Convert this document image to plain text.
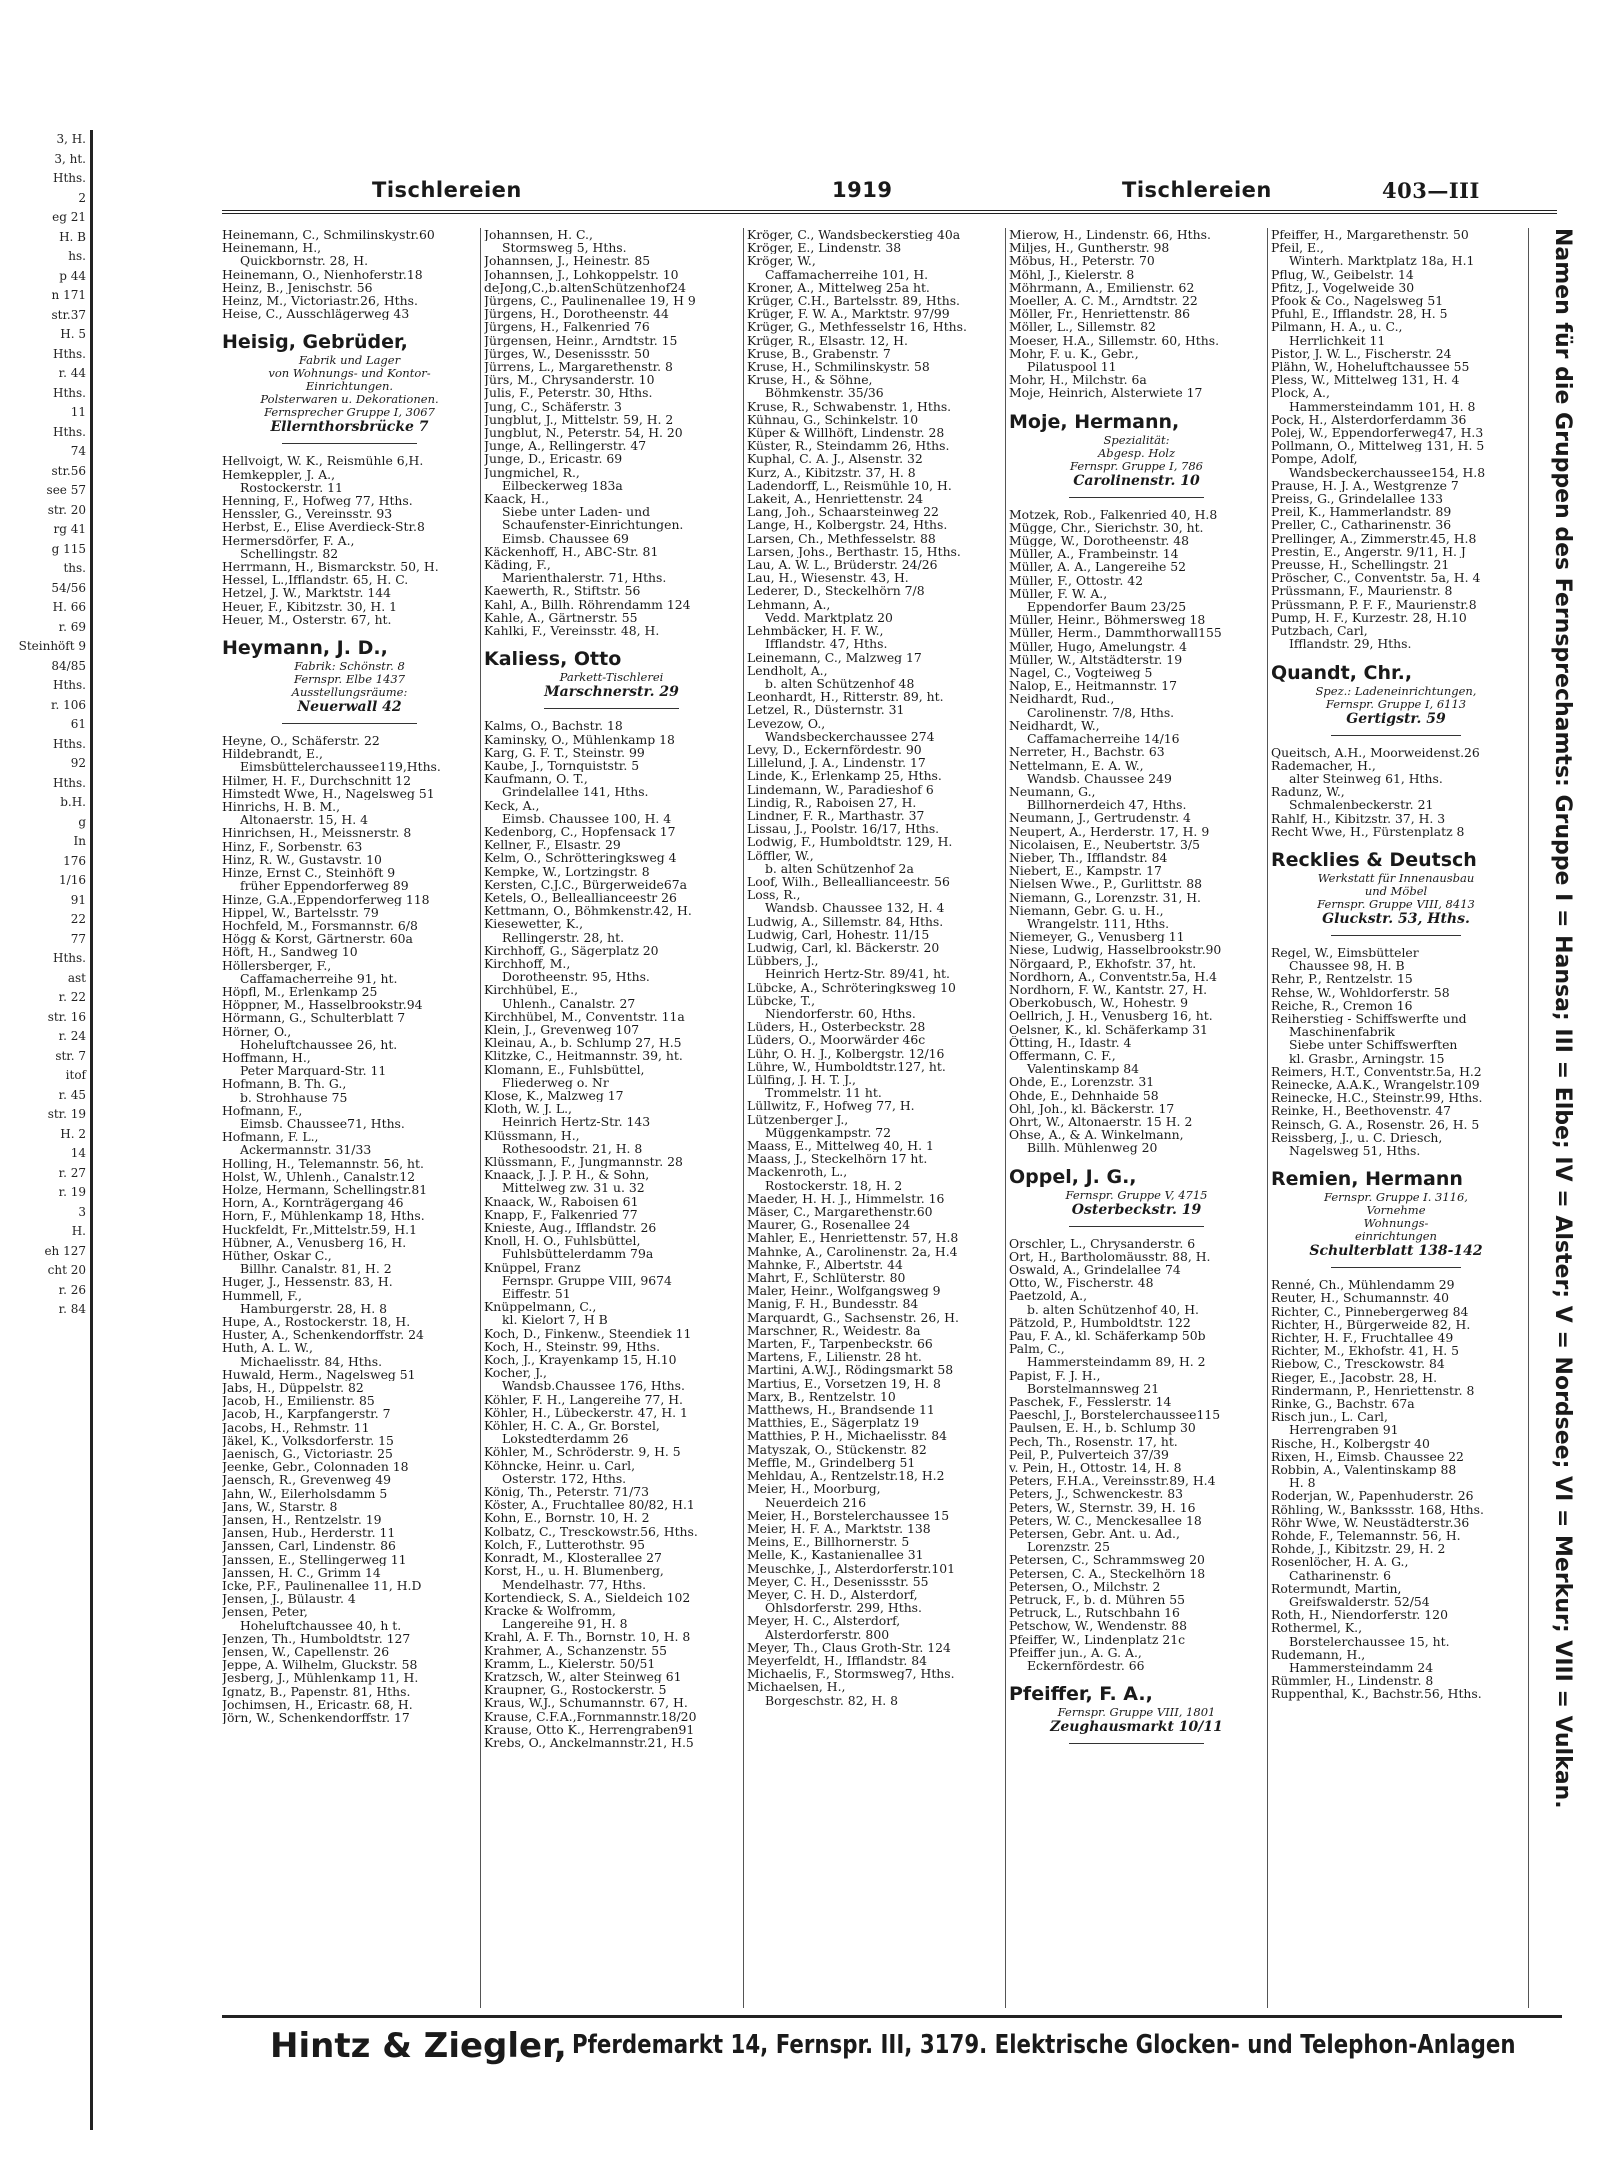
3, H.
3, ht.
Hths.
2
eg 21
H. B
hs.
p 44
n 171
str.37
H. 5
Hths.
r. 44
Hths.
11
Hths.
74
str.56
see 57
str. 20
rg 41
g 115
ths.
54/56
H. 66
r. 69
Steinhöft 9
84/85
Hths.
r. 106
61
Hths.
92
Hths.
b.H.
g
In
176
1/16
91
22
77
Hths.
ast
r. 22
str. 16
r. 24
str. 7
itof
r. 45
str. 19
H. 2
14
r. 27
r. 19
3
H.
eh 127
cht 20
r. 26
r. 84
Tischlereien	1919	Tischlereien	403—III
Heinemann, C., Schmilinskystr.60
Heinemann, H.,
Quickbornstr. 28, H.
Heinemann, O., Nienhoferstr.18
Heinz, B., Jenischstr. 56
Heinz, M., Victoriastr.26, Hths.
Heise, C., Ausschlägerweg 43
Heisig, Gebrüder,
Fabrik und Lager
von Wohnungs- und Kontor-
Einrichtungen.
Polsterwaren u. Dekorationen.
Fernsprecher Gruppe I, 3067
Ellernthorsbrücke 7
Hellvoigt, W. K., Reismühle 6,H.
Hemkeppler, J. A.,
Rostockerstr. 11
Henning, F., Hofweg 77, Hths.
Henssler, G., Vereinsstr. 93
Herbst, E., Elise Averdieck-Str.8
Hermersdörfer, F. A.,
Schellingstr. 82
Herrmann, H., Bismarckstr. 50, H.
Hessel, L.,Ifflandstr. 65, H. C.
Hetzel, J. W., Marktstr. 144
Heuer, F., Kibitzstr. 30, H. 1
Heuer, M., Osterstr. 67, ht.
Heymann, J. D.,
Fabrik: Schönstr. 8
Fernspr. Elbe 1437
Ausstellungsräume:
Neuerwall 42
Heyne, O., Schäferstr. 22
Hildebrandt, E.,
Eimsbüttelerchaussee119,Hths.
Hilmer, H. F., Durchschnitt 12
Himstedt Wwe, H., Nagelsweg 51
Hinrichs, H. B. M.,
Altonaerstr. 15, H. 4
Hinrichsen, H., Meissnerstr. 8
Hinz, F., Sorbenstr. 63
Hinz, R. W., Gustavstr. 10
Hinze, Ernst C., Steinhöft 9
früher Eppendorferweg 89
Hinze, G.A.,Eppendorferweg 118
Hippel, W., Bartelsstr. 79
Hochfeld, M., Forsmannstr. 6/8
Högg & Korst, Gärtnerstr. 60a
Höft, H., Sandweg 10
Höllersberger, F.,
Caffamacherreihe 91, ht.
Höpfl, M., Erlenkamp 25
Höppner, M., Hasselbrookstr.94
Hörmann, G., Schulterblatt 7
Hörner, O.,
Hoheluftchaussee 26, ht.
Hoffmann, H.,
Peter Marquard-Str. 11
Hofmann, B. Th. G.,
b. Strohhause 75
Hofmann, F.,
Eimsb. Chaussee71, Hths.
Hofmann, F. L.,
Ackermannstr. 31/33
Holling, H., Telemannstr. 56, ht.
Holst, W., Uhlenh., Canalstr.12
Holze, Hermann, Schellingstr.81
Horn, A., Kornträgergang 46
Horn, F., Mühlenkamp 18, Hths.
Huckfeldt, Fr.,Mittelstr.59, H.1
Hübner, A., Venusberg 16, H.
Hüther, Oskar C.,
Billhr. Canalstr. 81, H. 2
Huger, J., Hessenstr. 83, H.
Hummell, F.,
Hamburgerstr. 28, H. 8
Hupe, A., Rostockerstr. 18, H.
Huster, A., Schenkendorffstr. 24
Huth, A. L. W.,
Michaelisstr. 84, Hths.
Huwald, Herm., Nagelsweg 51
Jabs, H., Düppelstr. 82
Jacob, H., Emilienstr. 85
Jacob, H., Karpfangerstr. 7
Jacobs, H., Rehmstr. 11
Jäkel, K., Volksdorferstr. 15
Jaenisch, G., Victoriastr. 25
Jeenke, Gebr., Colonnaden 18
Jaensch, R., Grevenweg 49
Jahn, W., Eilerholsdamm 5
Jans, W., Starstr. 8
Jansen, H., Rentzelstr. 19
Jansen, Hub., Herderstr. 11
Janssen, Carl, Lindenstr. 86
Janssen, E., Stellingerweg 11
Janssen, H. C., Grimm 14
Icke, P.F., Paulinenallee 11, H.D
Jensen, J., Bülaustr. 4
Jensen, Peter,
Hoheluftchaussee 40, h t.
Jenzen, Th., Humboldtstr. 127
Jensen, W., Capellenstr. 26
Jeppe, A. Wilhelm, Gluckstr. 58
Jesberg, J., Mühlenkamp 11, H.
Ignatz, B., Papenstr. 81, Hths.
Jochimsen, H., Ericastr. 68, H.
Jörn, W., Schenkendorffstr. 17
Johannsen, H. C.,
Stormsweg 5, Hths.
Johannsen, J., Heinestr. 85
Johannsen, J., Lohkoppelstr. 10
deJong,C.,b.altenSchützenhof24
Jürgens, C., Paulinenallee 19, H 9
Jürgens, H., Dorotheenstr. 44
Jürgens, H., Falkenried 76
Jürgensen, Heinr., Arndtstr. 15
Jürges, W., Desenissstr. 50
Jürrens, L., Margarethenstr. 8
Jürs, M., Chrysanderstr. 10
Julis, F., Peterstr. 30, Hths.
Jung, C., Schäferstr. 3
Jungblut, J., Mittelstr. 59, H. 2
Jungblut, N., Peterstr. 54, H. 20
Junge, A., Rellingerstr. 47
Junge, D., Ericastr. 69
Jungmichel, R.,
Eilbeckerweg 183a
Kaack, H.,
Siebe unter Laden- und
Schaufenster-Einrichtungen.
Eimsb. Chaussee 69
Käckenhoff, H., ABC-Str. 81
Käding, F.,
Marienthalerstr. 71, Hths.
Kaewerth, R., Stiftstr. 56
Kahl, A., Billh. Röhrendamm 124
Kahle, A., Gärtnerstr. 55
Kahlki, F., Vereinsstr. 48, H.
Kaliess, Otto
Parkett-Tischlerei
Marschnerstr. 29
Kalms, O., Bachstr. 18
Kaminsky, O., Mühlenkamp 18
Karg, G. F. T., Steinstr. 99
Kaube, J., Tornquiststr. 5
Kaufmann, O. T.,
Grindelallee 141, Hths.
Keck, A.,
Eimsb. Chaussee 100, H. 4
Kedenborg, C., Hopfensack 17
Kellner, F., Elsastr. 29
Kelm, O., Schrötteringksweg 4
Kempke, W., Lortzingstr. 8
Kersten, C.J.C., Bürgerweide67a
Ketels, O., Belleallianceestr 26
Kettmann, O., Böhmkenstr.42, H.
Kiesewetter, K.,
Rellingerstr. 28, ht.
Kirchhoff, G., Sägerplatz 20
Kirchhoff, M.,
Dorotheenstr. 95, Hths.
Kirchhübel, E.,
Uhlenh., Canalstr. 27
Kirchhübel, M., Conventstr. 11a
Klein, J., Grevenweg 107
Kleinau, A., b. Schlump 27, H.5
Klitzke, C., Heitmannstr. 39, ht.
Klomann, E., Fuhlsbüttel,
Fliederweg o. Nr
Klose, K., Malzweg 17
Kloth, W. J. L.,
Heinrich Hertz-Str. 143
Klüssmann, H.,
Rothesoodstr. 21, H. 8
Klüssmann, F., Jungmannstr. 28
Knaack, J. J. P. H., & Sohn,
Mittelweg zw. 31 u. 32
Knaack, W., Raboisen 61
Knapp, F., Falkenried 77
Knieste, Aug., Ifflandstr. 26
Knoll, H. O., Fuhlsbüttel,
Fuhlsbüttelerdamm 79a
Knüppel, Franz
Fernspr. Gruppe VIII, 9674
Eiffestr. 51
Knüppelmann, C.,
kl. Kielort 7, H B
Koch, D., Finkenw., Steendiek 11
Koch, H., Steinstr. 99, Hths.
Koch, J., Krayenkamp 15, H.10
Kocher, J.,
Wandsb.Chaussee 176, Hths.
Köhler, F. H., Langereihe 77, H.
Köhler, H., Lübeckerstr. 47, H. 1
Köhler, H. C. A., Gr. Borstel,
Lokstedterdamm 26
Köhler, M., Schröderstr. 9, H. 5
Köhncke, Heinr. u. Carl,
Osterstr. 172, Hths.
König, Th., Peterstr. 71/73
Köster, A., Fruchtallee 80/82, H.1
Kohn, E., Bornstr. 10, H. 2
Kolbatz, C., Tresckowstr.56, Hths.
Kolch, F., Lutterothstr. 95
Konradt, M., Klosterallee 27
Korst, H., u. H. Blumenberg,
Mendelhastr. 77, Hths.
Kortendieck, S. A., Sieldeich 102
Kracke & Wolfromm,
Langereihe 91, H. 8
Krahl, A. F. Th., Bornstr. 10, H. 8
Krahmer, A., Schanzenstr. 55
Kramm, L., Kielerstr. 50/51
Kratzsch, W., alter Steinweg 61
Kraupner, G., Rostockerstr. 5
Kraus, W.J., Schumannstr. 67, H.
Krause, C.F.A.,Fornmannstr.18/20
Krause, Otto K., Herrengraben91
Krebs, O., Anckelmannstr.21, H.5
Kröger, C., Wandsbeckerstieg 40a
Kröger, E., Lindenstr. 38
Kröger, W.,
Caffamacherreihe 101, H.
Kroner, A., Mittelweg 25a ht.
Krüger, C.H., Bartelsstr. 89, Hths.
Krüger, F. W. A., Marktstr. 97/99
Krüger, G., Methfesselstr 16, Hths.
Krüger, R., Elsastr. 12, H.
Kruse, B., Grabenstr. 7
Kruse, H., Schmilinskystr. 58
Kruse, H., & Söhne,
Böhmkenstr. 35/36
Kruse, R., Schwabenstr. 1, Hths.
Kühnau, G., Schinkelstr. 10
Küper & Willhöft, Lindenstr. 28
Küster, R., Steindamm 26, Hths.
Kuphal, C. A. J., Alsenstr. 32
Kurz, A., Kibitzstr. 37, H. 8
Ladendorff, L., Reismühle 10, H.
Lakeit, A., Henriettenstr. 24
Lang, Joh., Schaarsteinweg 22
Lange, H., Kolbergstr. 24, Hths.
Larsen, Ch., Methfesselstr. 88
Larsen, Johs., Berthastr. 15, Hths.
Lau, A. W. L., Brüderstr. 24/26
Lau, H., Wiesenstr. 43, H.
Lederer, D., Steckelhörn 7/8
Lehmann, A.,
Vedd. Marktplatz 20
Lehmbäcker, H. F. W.,
Ifflandstr. 47, Hths.
Leinemann, C., Malzweg 17
Lendholt, A.,
b. alten Schützenhof 48
Leonhardt, H., Ritterstr. 89, ht.
Letzel, R., Düsternstr. 31
Levezow, O.,
Wandsbeckerchaussee 274
Levy, D., Eckernfördestr. 90
Lillelund, J. A., Lindenstr. 17
Linde, K., Erlenkamp 25, Hths.
Lindemann, W., Paradieshof 6
Lindig, R., Raboisen 27, H.
Lindner, F. R., Marthastr. 37
Lissau, J., Poolstr. 16/17, Hths.
Lodwig, F., Humboldtstr. 129, H.
Löffler, W.,
b. alten Schützenhof 2a
Loof, Wilh., Belleallianceestr. 56
Loss, R.,
Wandsb. Chaussee 132, H. 4
Ludwig, A., Sillemstr. 84, Hths.
Ludwig, Carl, Hohestr. 11/15
Ludwig, Carl, kl. Bäckerstr. 20
Lübbers, J.,
Heinrich Hertz-Str. 89/41, ht.
Lübcke, A., Schröteringksweg 10
Lübcke, T.,
Niendorferstr. 60, Hths.
Lüders, H., Osterbeckstr. 28
Lüders, O., Moorwärder 46c
Lühr, O. H. J., Kolbergstr. 12/16
Lühre, W., Humboldtstr.127, ht.
Lülfing, J. H. T. J.,
Trommelstr. 11 ht.
Lüllwitz, F., Hofweg 77, H.
Lützenberger J.,
Müggenkampstr. 72
Maass, E., Mittelweg 40, H. 1
Maass, J., Steckelhörn 17 ht.
Mackenroth, L.,
Rostockerstr. 18, H. 2
Maeder, H. H. J., Himmelstr. 16
Mäser, C., Margarethenstr.60
Maurer, G., Rosenallee 24
Mahler, E., Henriettenstr. 57, H.8
Mahnke, A., Carolinenstr. 2a, H.4
Mahnke, F., Albertstr. 44
Mahrt, F., Schlüterstr. 80
Maler, Heinr., Wolfgangsweg 9
Manig, F. H., Bundesstr. 84
Marquardt, G., Sachsenstr. 26, H.
Marschner, R., Weidestr. 8a
Marten, F., Tarpenbeckstr. 66
Martens, F., Lilienstr. 28 ht.
Martini, A.W.J., Rödingsmarkt 58
Martius, E., Vorsetzen 19, H. 8
Marx, B., Rentzelstr. 10
Matthews, H., Brandsende 11
Matthies, E., Sägerplatz 19
Matthies, P. H., Michaelisstr. 84
Matyszak, O., Stückenstr. 82
Meffle, M., Grindelberg 51
Mehldau, A., Rentzelstr.18, H.2
Meier, H., Moorburg,
Neuerdeich 216
Meier, H., Borstelerchaussee 15
Meier, H. F. A., Marktstr. 138
Meins, E., Billhornerstr. 5
Melle, K., Kastanienallee 31
Meuschke, J., Alsterdorferstr.101
Meyer, C. H., Desenissstr. 55
Meyer, C. H. D., Alsterdorf,
Ohlsdorferstr. 299, Hths.
Meyer, H. C., Alsterdorf,
Alsterdorferstr. 800
Meyer, Th., Claus Groth-Str. 124
Meyerfeldt, H., Ifflandstr. 84
Michaelis, F., Stormsweg7, Hths.
Michaelsen, H.,
Borgeschstr. 82, H. 8
Mierow, H., Lindenstr. 66, Hths.
Miljes, H., Guntherstr. 98
Möbus, H., Peterstr. 70
Möhl, J., Kielerstr. 8
Möhrmann, A., Emilienstr. 62
Moeller, A. C. M., Arndtstr. 22
Möller, Fr., Henriettenstr. 86
Möller, L., Sillemstr. 82
Moeser, H.A., Sillemstr. 60, Hths.
Mohr, F. u. K., Gebr.,
Pilatuspool 11
Mohr, H., Milchstr. 6a
Moje, Heinrich, Alsterwiete 17
Moje, Hermann,
Spezialität:
Abgesp. Holz
Fernspr. Gruppe I, 786
Carolinenstr. 10
Motzek, Rob., Falkenried 40, H.8
Mügge, Chr., Sierichstr. 30, ht.
Mügge, W., Dorotheenstr. 48
Müller, A., Frambeinstr. 14
Müller, A. A., Langereihe 52
Müller, F., Ottostr. 42
Müller, F. W. A.,
Eppendorfer Baum 23/25
Müller, Heinr., Böhmersweg 18
Müller, Herm., Dammthorwall155
Müller, Hugo, Amelungstr. 4
Müller, W., Altstädterstr. 19
Nagel, C., Vogteiweg 5
Nalop, E., Heitmannstr. 17
Neidhardt, Rud.,
Carolinenstr. 7/8, Hths.
Neidhardt, W.,
Caffamacherreihe 14/16
Nerreter, H., Bachstr. 63
Nettelmann, E. A. W.,
Wandsb. Chaussee 249
Neumann, G.,
Billhornerdeich 47, Hths.
Neumann, J., Gertrudenstr. 4
Neupert, A., Herderstr. 17, H. 9
Nicolaisen, E., Neubertstr. 3/5
Nieber, Th., Ifflandstr. 84
Niebert, E., Kampstr. 17
Nielsen Wwe., P., Gurlittstr. 88
Niemann, G., Lorenzstr. 31, H.
Niemann, Gebr. G. u. H.,
Wrangelstr. 111, Hths.
Niemeyer, G., Venusberg 11
Niese, Ludwig, Hasselbrookstr.90
Nörgaard, P., Ekhofstr. 37, ht.
Nordhorn, A., Conventstr.5a, H.4
Nordhorn, F. W., Kantstr. 27, H.
Oberkobusch, W., Hohestr. 9
Oellrich, J. H., Venusberg 16, ht.
Oelsner, K., kl. Schäferkamp 31
Ötting, H., Idastr. 4
Offermann, C. F.,
Valentinskamp 84
Ohde, E., Lorenzstr. 31
Ohde, E., Dehnhaide 58
Ohl, Joh., kl. Bäckerstr. 17
Ohrt, W., Altonaerstr. 15 H. 2
Ohse, A., & A. Winkelmann,
Billh. Mühlenweg 20
Oppel, J. G.,
Fernspr. Gruppe V, 4715
Osterbeckstr. 19
Orschler, L., Chrysanderstr. 6
Ort, H., Bartholomäusstr. 88, H.
Oswald, A., Grindelallee 74
Otto, W., Fischerstr. 48
Paetzold, A.,
b. alten Schützenhof 40, H.
Pätzold, P., Humboldtstr. 122
Pau, F. A., kl. Schäferkamp 50b
Palm, C.,
Hammersteindamm 89, H. 2
Papist, F. J. H.,
Borstelmannsweg 21
Paschek, F., Fesslerstr. 14
Paeschl, J., Borstelerchaussee115
Paulsen, E. H., b. Schlump 30
Pech, Th., Rosenstr. 17, ht.
Peil, P., Pulverteich 37/39
v. Pein, H., Ottostr. 14, H. 8
Peters, F.H.A., Vereinsstr.89, H.4
Peters, J., Schwenckestr. 83
Peters, W., Sternstr. 39, H. 16
Peters, W. C., Menckesallee 18
Petersen, Gebr. Ant. u. Ad.,
Lorenzstr. 25
Petersen, C., Schrammsweg 20
Petersen, C. A., Steckelhörn 18
Petersen, O., Milchstr. 2
Petruck, F., b. d. Mühren 55
Petruck, L., Rutschbahn 16
Petschow, W., Wendenstr. 88
Pfeiffer, W., Lindenplatz 21c
Pfeiffer jun., A. G. A.,
Eckernfördestr. 66
Pfeiffer, F. A.,
Fernspr. Gruppe VIII, 1801
Zeughausmarkt 10/11
Pfeiffer, H., Margarethenstr. 50
Pfeil, E.,
Winterh. Marktplatz 18a, H.1
Pflug, W., Geibelstr. 14
Pfitz, J., Vogelweide 30
Pfook & Co., Nagelsweg 51
Pfuhl, E., Ifflandstr. 28, H. 5
Pilmann, H. A., u. C.,
Herrlichkeit 11
Pistor, J. W. L., Fischerstr. 24
Plähn, W., Hoheluftchaussee 55
Pless, W., Mittelweg 131, H. 4
Plock, A.,
Hammersteindamm 101, H. 8
Pock, H., Alsterdorferdamm 36
Polej, W., Eppendorferweg47, H.3
Pollmann, O., Mittelweg 131, H. 5
Pompe, Adolf,
Wandsbeckerchaussee154, H.8
Prause, H. J. A., Westgrenze 7
Preiss, G., Grindelallee 133
Preil, K., Hammerlandstr. 89
Preller, C., Catharinenstr. 36
Prellinger, A., Zimmerstr.45, H.8
Prestin, E., Angerstr. 9/11, H. J
Preusse, H., Schellingstr. 21
Pröscher, C., Conventstr. 5a, H. 4
Prüssmann, F., Maurienstr. 8
Prüssmann, P. F. F., Maurienstr.8
Pump, H. F., Kurzestr. 28, H.10
Putzbach, Carl,
Ifflandstr. 29, Hths.
Quandt, Chr.,
Spez.: Ladeneinrichtungen,
Fernspr. Gruppe I, 6113
Gertigstr. 59
Queitsch, A.H., Moorweidenst.26
Rademacher, H.,
alter Steinweg 61, Hths.
Radunz, W.,
Schmalenbeckerstr. 21
Rahlf, H., Kibitzstr. 37, H. 3
Recht Wwe, H., Fürstenplatz 8
Recklies & Deutsch
Werkstatt für Innenausbau
und Möbel
Fernspr. Gruppe VIII, 8413
Gluckstr. 53, Hths.
Regel, W., Eimsbütteler
Chaussee 98, H. B
Rehr, P., Rentzelstr. 15
Rehse, W., Wohldorferstr. 58
Reiche, R., Cremon 16
Reiherstieg - Schiffswerfte und
Maschinenfabrik
Siebe unter Schiffswerften
kl. Grasbr., Arningstr. 15
Reimers, H.T., Conventstr.5a, H.2
Reinecke, A.A.K., Wrangelstr.109
Reinecke, H.C., Steinstr.99, Hths.
Reinke, H., Beethovenstr. 47
Reinsch, G. A., Rosenstr. 26, H. 5
Reissberg, J., u. C. Driesch,
Nagelsweg 51, Hths.
Remien, Hermann
Fernspr. Gruppe I. 3116,
Vornehme
Wohnungs-
einrichtungen
Schulterblatt 138-142
Renné, Ch., Mühlendamm 29
Reuter, H., Schumannstr. 40
Richter, C., Pinnebergerweg 84
Richter, H., Bürgerweide 82, H.
Richter, H. F., Fruchtallee 49
Richter, M., Ekhofstr. 41, H. 5
Riebow, C., Tresckowstr. 84
Rieger, E., Jacobstr. 28, H.
Rindermann, P., Henriettenstr. 8
Rinke, G., Bachstr. 67a
Risch jun., L. Carl,
Herrengraben 91
Rische, H., Kolbergstr 40
Rixen, H., Eimsb. Chaussee 22
Robbin, A., Valentinskamp 88
H. 8
Roderjan, W., Papenhuderstr. 26
Röhling, W., Bankssstr. 168, Hths.
Röhr Wwe, W. Neustädterstr.36
Rohde, F., Telemannstr. 56, H.
Rohde, J., Kibitzstr. 29, H. 2
Rosenlöcher, H. A. G.,
Catharinenstr. 6
Rotermundt, Martin,
Greifswalderstr. 52/54
Roth, H., Niendorferstr. 120
Rothermel, K.,
Borstelerchaussee 15, ht.
Rudemann, H.,
Hammersteindamm 24
Rümmler, H., Lindenstr. 8
Ruppenthal, K., Bachstr.56, Hths.	Namen für die Gruppen des Fernsprechamts: Gruppe I = Hansa; III = Elbe; IV = Alster; V = Nordsee; VI = Merkur; VIII = Vulkan.
Hintz & Ziegler, Pferdemarkt 14, Fernspr. III, 3179. Elektrische Glocken- und Telephon-Anlagen
